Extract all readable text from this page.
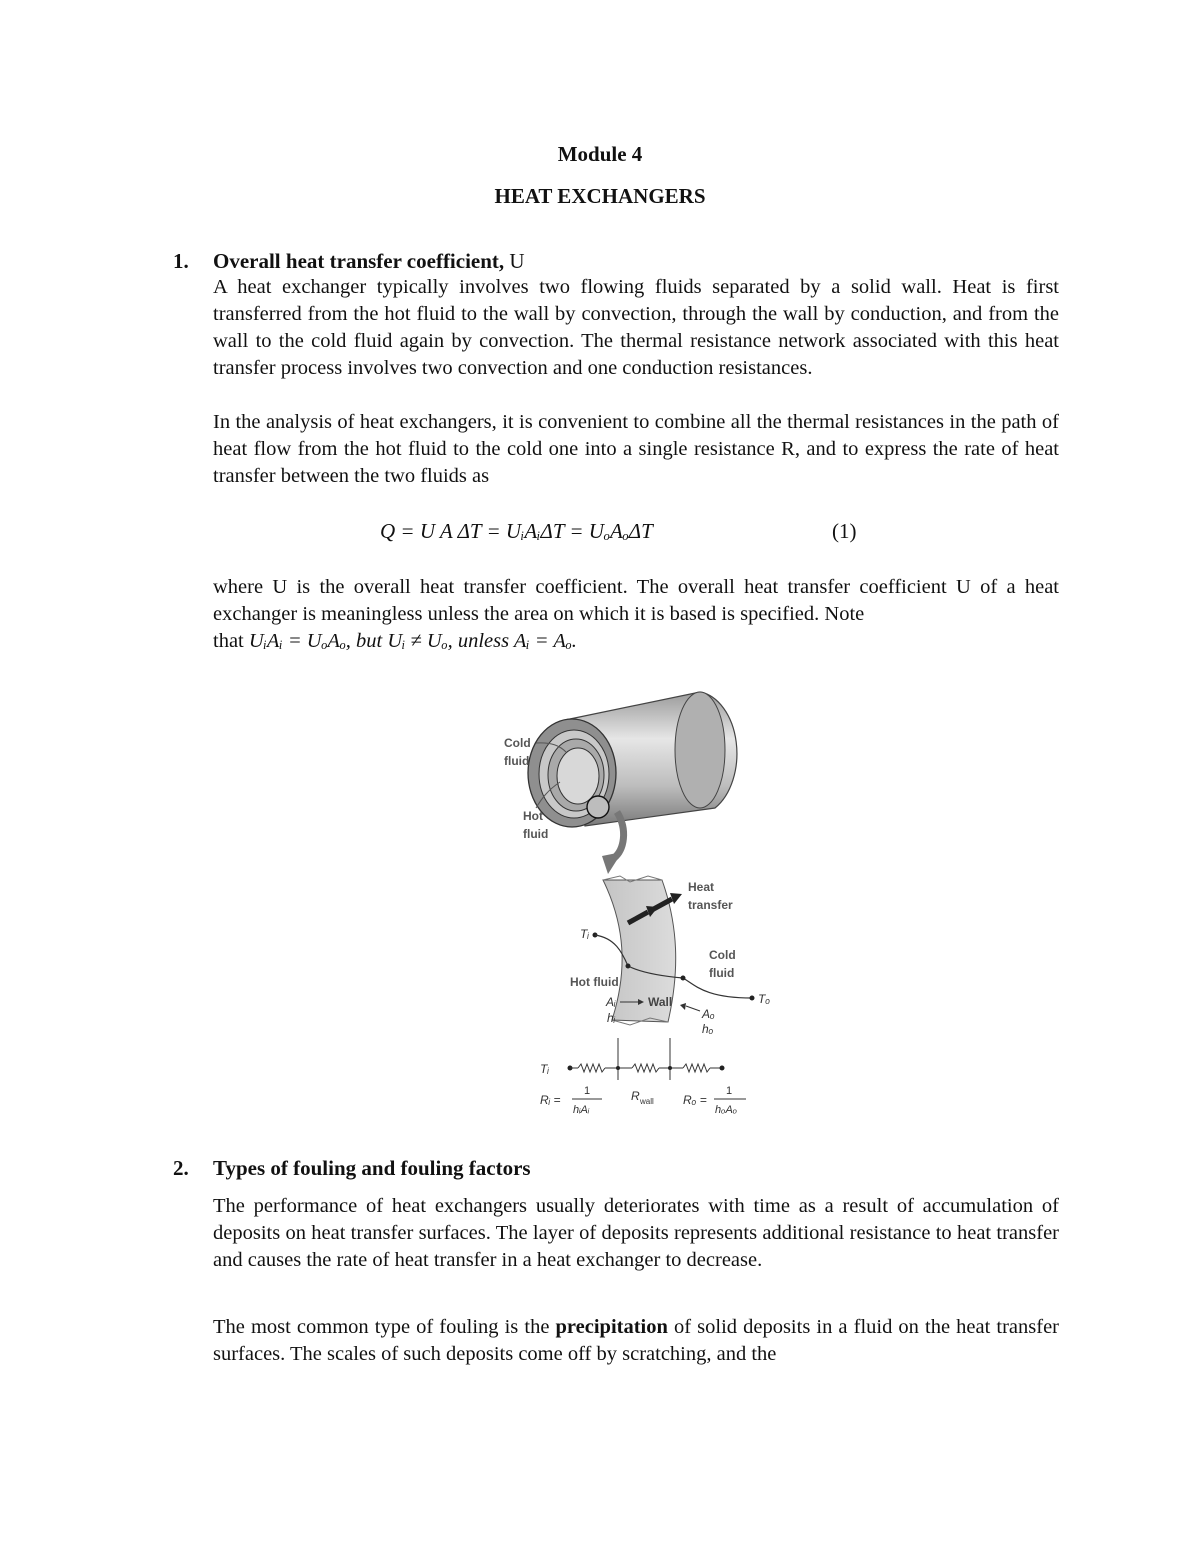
Module 4
HEAT EXCHANGERS
1. Overall heat transfer coefficient, U
A heat exchanger typically involves two flowing fluids separated by a solid wall. Heat is first transferred from the hot fluid to the wall by convection, through the wall by conduction, and from the wall to the cold fluid again by convection. The thermal resistance network associated with this heat transfer process involves two convection and one conduction resistances.
In the analysis of heat exchangers, it is convenient to combine all the thermal resistances in the path of heat flow from the hot fluid to the cold one into a single resistance R, and to express the rate of heat transfer between the two fluids as
Q = U A ΔT = UᵢAᵢΔT = UₒAₒΔT	(1)
where U is the overall heat transfer coefficient. The overall heat transfer coefficient U of a heat exchanger is meaningless unless the area on which it is based is specified. Note
that UᵢAᵢ = UₒAₒ, but Uᵢ ≠ Uₒ, unless Aᵢ = Aₒ.
Cold fluid
Hot fluid
Heat transfer
Tᵢ
Tₒ
Hot fluid
Cold fluid
Wall
Aᵢ
hᵢ	Aₒ
hₒ
Tᵢ
Rᵢ =
1
hᵢAᵢ
R wall Rₒ =
1
hₒAₒ
2. Types of fouling and fouling factors
The performance of heat exchangers usually deteriorates with time as a result of accumulation of deposits on heat transfer surfaces. The layer of deposits represents additional resistance to heat transfer and causes the rate of heat transfer in a heat exchanger to decrease.
The most common type of fouling is the precipitation of solid deposits in a fluid on the heat transfer surfaces. The scales of such deposits come off by scratching, and the
